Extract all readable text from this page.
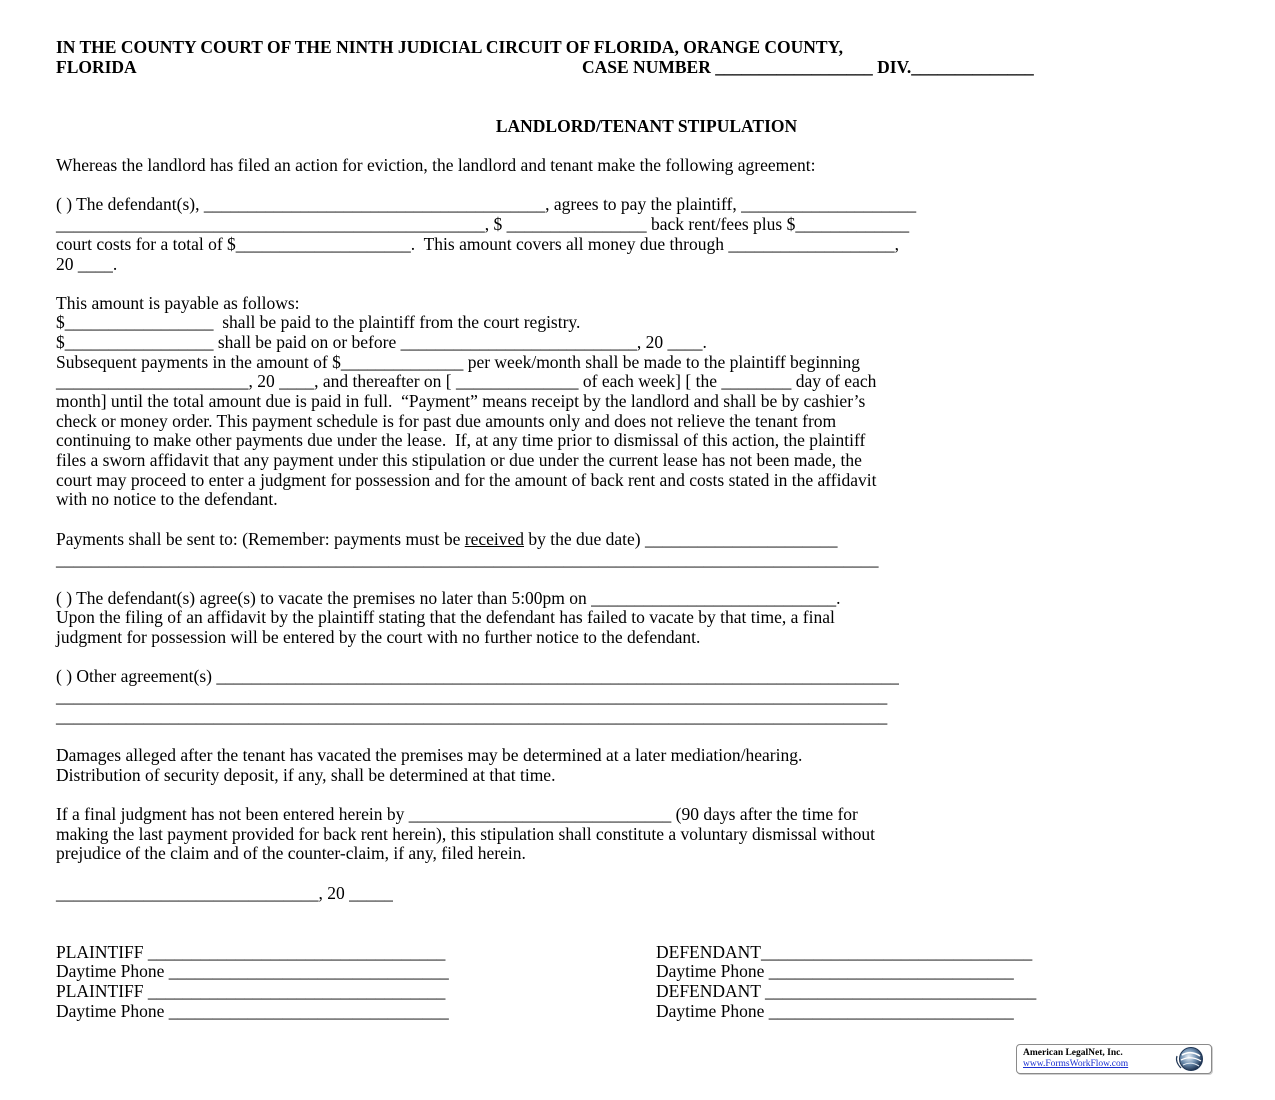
IN THE COUNTY COURT OF THE NINTH JUDICIAL CIRCUIT OF FLORIDA, ORANGE COUNTY,
FLORIDA	CASE NUMBER __________________ DIV.______________
LANDLORD/TENANT STIPULATION
Whereas the landlord has filed an action for eviction, the landlord and tenant make the following agreement:
( ) The defendant(s), _______________________________________, agrees to pay the plaintiff, ____________________
_________________________________________________, $ ________________ back rent/fees plus $_____________
court costs for a total of $____________________.  This amount covers all money due through ___________________,
20 ____.
This amount is payable as follows:
$_________________  shall be paid to the plaintiff from the court registry.
$_________________ shall be paid on or before ___________________________, 20 ____.
Subsequent payments in the amount of $______________ per week/month shall be made to the plaintiff beginning
______________________, 20 ____, and thereafter on [ ______________ of each week] [ the ________ day of each
month] until the total amount due is paid in full.  “Payment” means receipt by the landlord and shall be by cashier’s
check or money order. This payment schedule is for past due amounts only and does not relieve the tenant from
continuing to make other payments due under the lease.  If, at any time prior to dismissal of this action, the plaintiff
files a sworn affidavit that any payment under this stipulation or due under the current lease has not been made, the
court may proceed to enter a judgment for possession and for the amount of back rent and costs stated in the affidavit
with no notice to the defendant.
Payments shall be sent to: (Remember: payments must be received by the due date) ______________________
______________________________________________________________________________________________
( ) The defendant(s) agree(s) to vacate the premises no later than 5:00pm on ____________________________.
Upon the filing of an affidavit by the plaintiff stating that the defendant has failed to vacate by that time, a final
judgment for possession will be entered by the court with no further notice to the defendant.
( ) Other agreement(s) ______________________________________________________________________________
_______________________________________________________________________________________________
_______________________________________________________________________________________________
Damages alleged after the tenant has vacated the premises may be determined at a later mediation/hearing.
Distribution of security deposit, if any, shall be determined at that time.
If a final judgment has not been entered herein by ______________________________ (90 days after the time for
making the last payment provided for back rent herein), this stipulation shall constitute a voluntary dismissal without
prejudice of the claim and of the counter-claim, if any, filed herein.
______________________________, 20 _____
PLAINTIFF __________________________________
Daytime Phone ________________________________
PLAINTIFF __________________________________
Daytime Phone ________________________________
DEFENDANT_______________________________
Daytime Phone ____________________________
DEFENDANT _______________________________
Daytime Phone ____________________________
American LegalNet, Inc.
www.FormsWorkFlow.com
